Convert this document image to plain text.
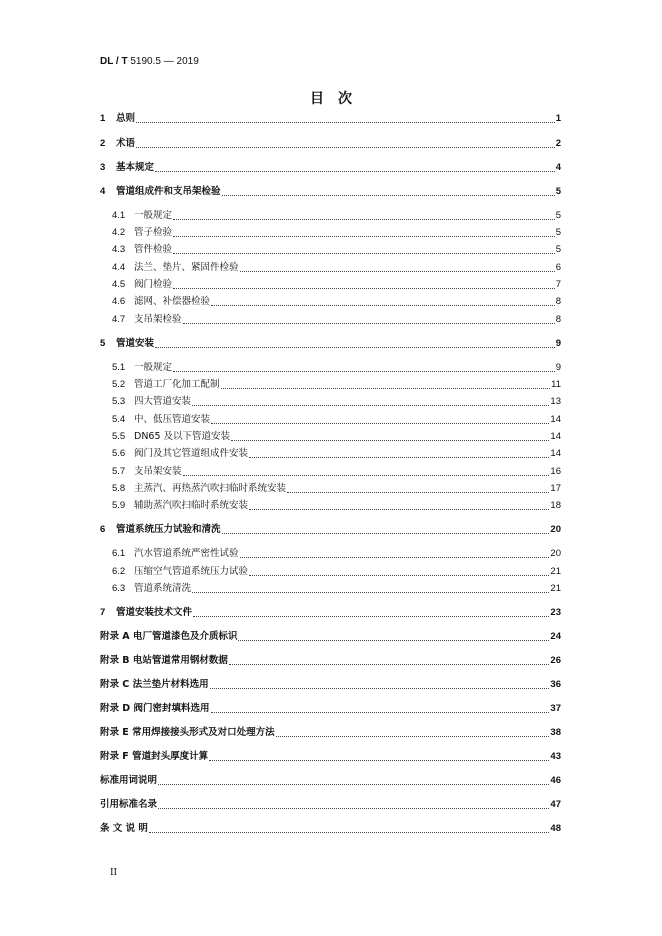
DL / T 5190.5 — 2019
目次
1	总则	1
2	术语	2
3	基本规定	4
4	管道组成件和支吊架检验	5
4.1 一般规定	5
4.2 管子检验	5
4.3 管件检验	5
4.4 法兰、垫片、紧固件检验	6
4.5 阀门检验	7
4.6 滤网、补偿器检验	8
4.7 支吊架检验	8
5	管道安装	9
5.1 一般规定	9
5.2 管道工厂化加工配制	11
5.3 四大管道安装	13
5.4 中、低压管道安装	14
5.5 DN65 及以下管道安装	14
5.6 阀门及其它管道组成件安装	14
5.7 支吊架安装	16
5.8 主蒸汽、再热蒸汽吹扫临时系统安装	17
5.9 辅助蒸汽吹扫临时系统安装	18
6	管道系统压力试验和清洗	20
6.1 汽水管道系统严密性试验	20
6.2 压缩空气管道系统压力试验	21
6.3 管道系统清洗	21
7	管道安装技术文件	23
附录 A 电厂管道漆色及介质标识	24
附录 B 电站管道常用钢材数据	26
附录 C 法兰垫片材料选用	36
附录 D 阀门密封填料选用	37
附录 E 常用焊接接头形式及对口处理方法	38
附录 F 管道封头厚度计算	43
标准用词说明	46
引用标准名录	47
条 文 说 明	48
II
